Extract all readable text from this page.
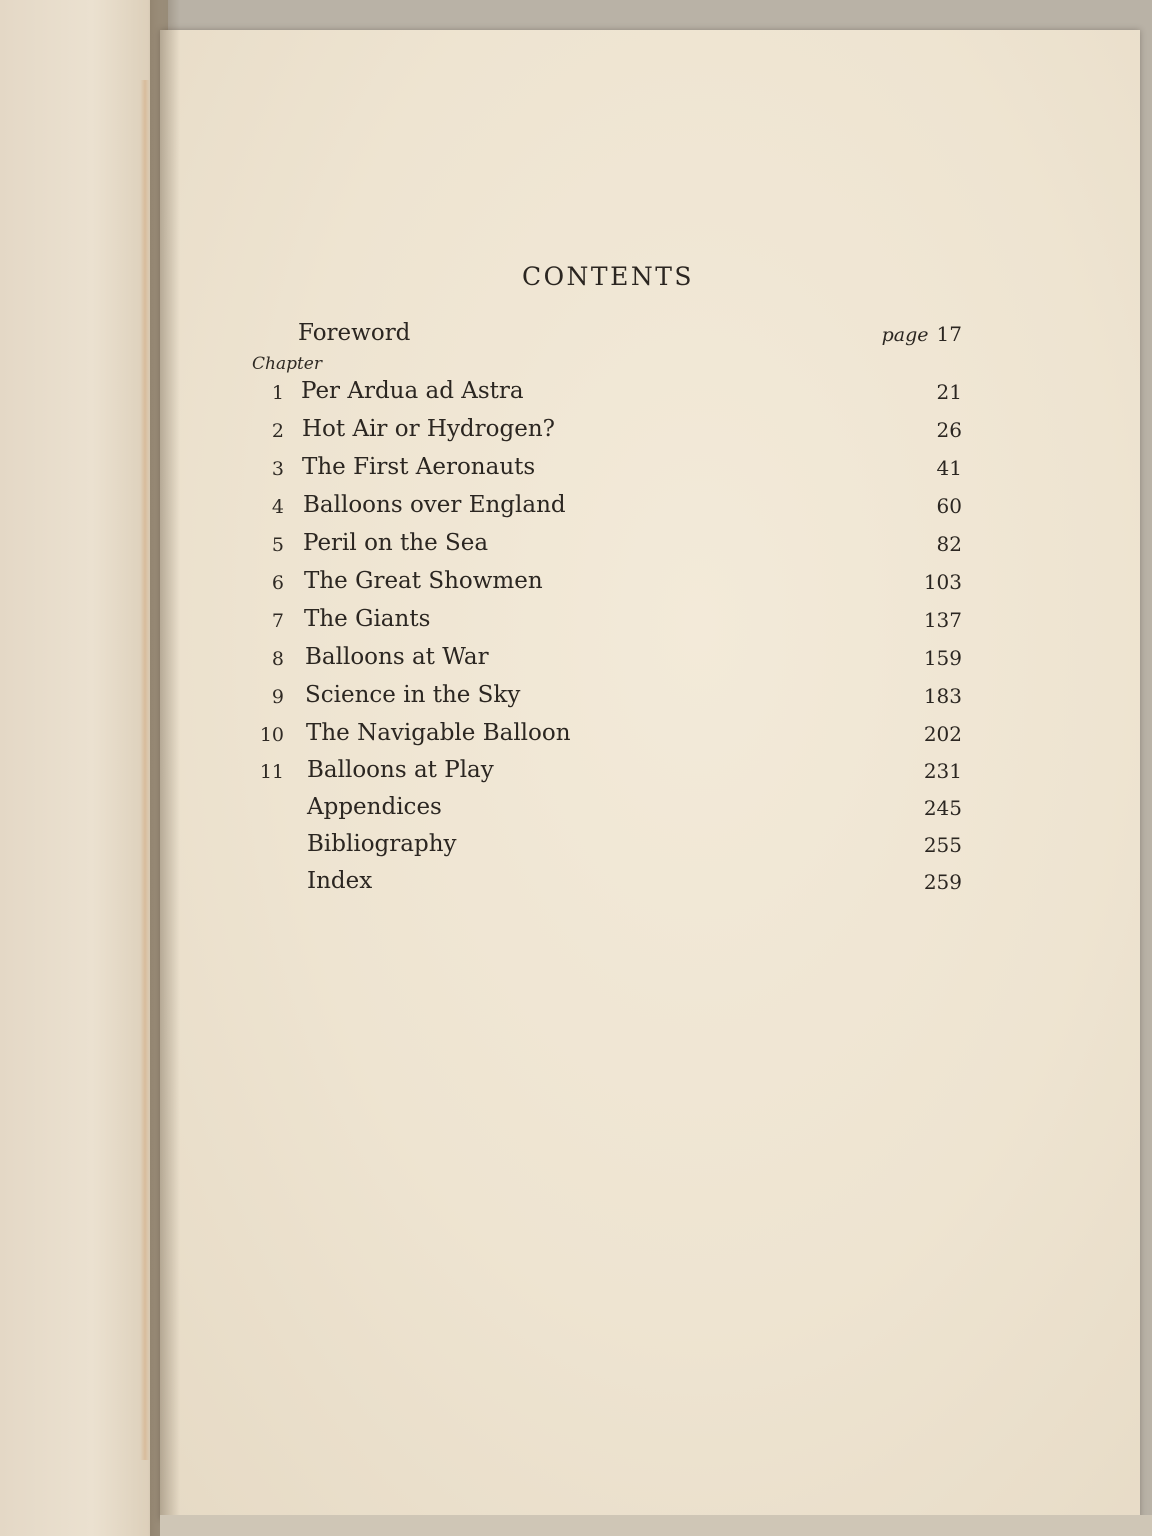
CONTENTS
Foreword	page 17
Chapter
1 Per Ardua ad Astra	21
2 Hot Air or Hydrogen?	26
3 The First Aeronauts	41
4 Balloons over England	60
5 Peril on the Sea	82
6 The Great Showmen	103
7 The Giants	137
8 Balloons at War	159
9 Science in the Sky	183
10 The Navigable Balloon	202
11 Balloons at Play	231
Appendices	245
Bibliography	255
Index	259
